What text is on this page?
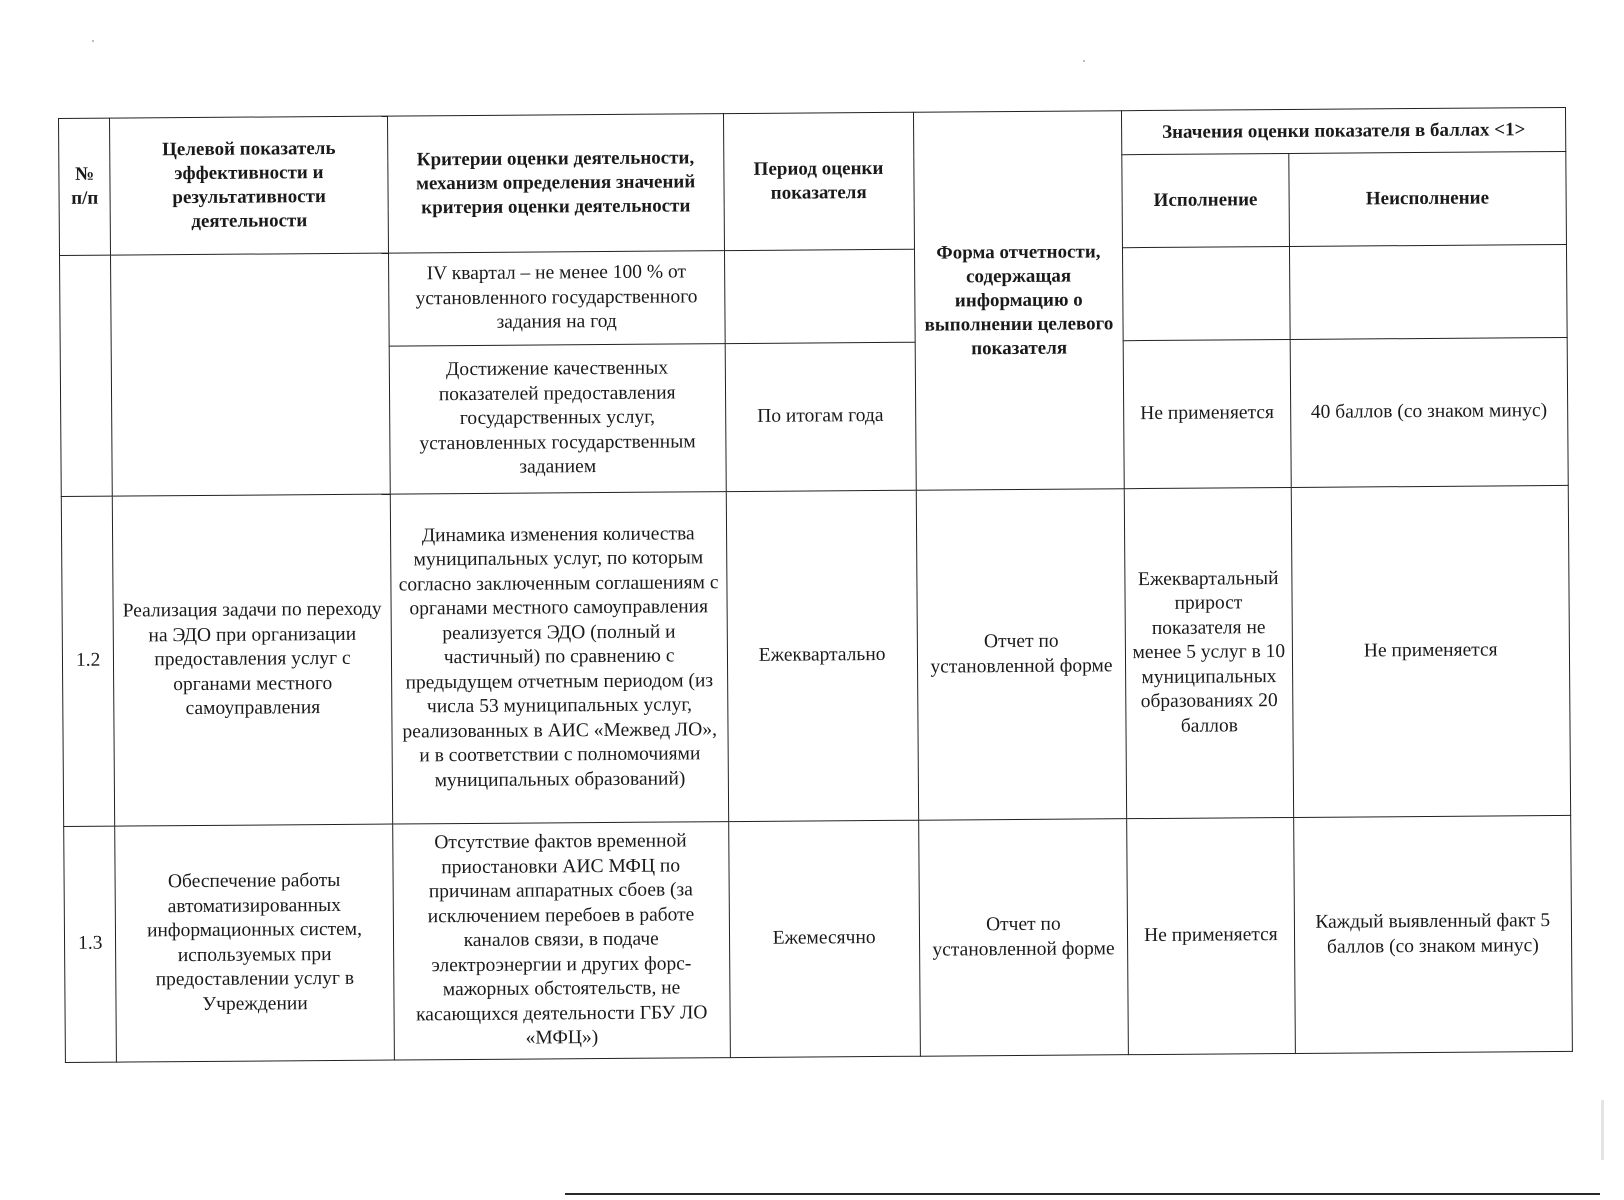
№ п/п	Целевой показатель эффективности и результативности деятельности	Критерии оценки деятельности, механизм определения значений критерия оценки деятельности	Период оценки показателя	Форма отчетности, содержащая информацию о выполнении целевого показателя	Значения оценки показателя в баллах <1>	
					Исполнение	Неисполнение

		IV квартал – не менее 100 % от установленного государственного задания на год				
		Достижение качественных показателей предоставления государственных услуг, установленных государственным заданием	По итогам года		Не применяется	40 баллов (со знаком минус)
1.2	Реализация задачи по переходу на ЭДО при организации предоставления услуг с органами местного самоуправления	Динамика изменения количества муниципальных услуг, по которым согласно заключенным соглашениям с органами местного самоуправления реализуется ЭДО (полный и частичный) по сравнению с предыдущем отчетным периодом (из числа 53 муниципальных услуг, реализованных в АИС «Межвед ЛО», и в соответствии с полномочиями муниципальных образований)	Ежеквартально	Отчет по установленной форме	Ежеквартальный прирост показателя не менее 5 услуг в 10 муниципальных образованиях 20 баллов	Не применяется
1.3	Обеспечение работы автоматизированных информационных систем, используемых при предоставлении услуг в Учреждении	Отсутствие фактов временной приостановки АИС МФЦ по причинам аппаратных сбоев (за исключением перебоев в работе каналов связи, в подаче электроэнергии и других форс-мажорных обстоятельств, не касающихся деятельности ГБУ ЛО «МФЦ»)	Ежемесячно	Отчет по установленной форме	Не применяется	Каждый выявленный факт 5 баллов (со знаком минус)
